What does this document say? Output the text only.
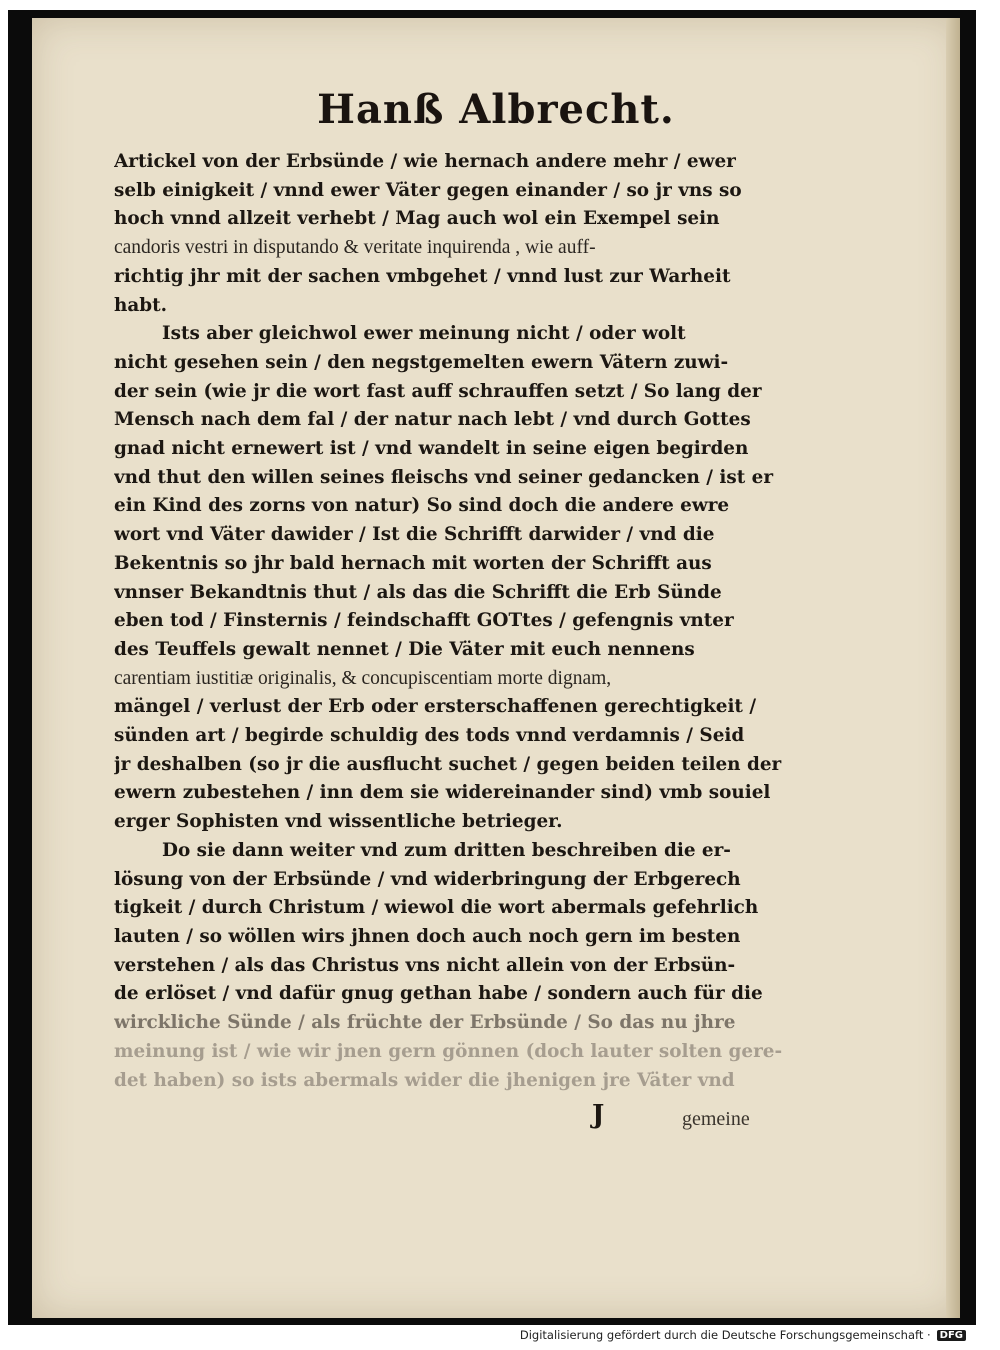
Hanß Albrecht.
Artickel von der Erbsünde / wie hernach andere mehr / ewer
selb einigkeit / vnnd ewer Väter gegen einander / so jr vns so
hoch vnnd allzeit verhebt / Mag auch wol ein Exempel sein
candoris vestri in disputando & veritate inquirenda , wie auff-
richtig jhr mit der sachen vmbgehet / vnnd lust zur Warheit
habt.
Ists aber gleichwol ewer meinung nicht / oder wolt
nicht gesehen sein / den negstgemelten ewern Vätern zuwi-
der sein (wie jr die wort fast auff schrauffen setzt / So lang der
Mensch nach dem fal / der natur nach lebt / vnd durch Gottes
gnad nicht ernewert ist / vnd wandelt in seine eigen begirden
vnd thut den willen seines fleischs vnd seiner gedancken / ist er
ein Kind des zorns von natur) So sind doch die andere ewre
wort vnd Väter dawider / Ist die Schrifft darwider / vnd die
Bekentnis so jhr bald hernach mit worten der Schrifft aus
vnnser Bekandtnis thut / als das die Schrifft die Erb Sünde
eben tod / Finsternis / feindschafft GOTtes / gefengnis vnter
des Teuffels gewalt nennet / Die Väter mit euch nennens
carentiam iustitiæ originalis, & concupiscentiam morte dignam,
mängel / verlust der Erb oder ersterschaffenen gerechtigkeit /
sünden art / begirde schuldig des tods vnnd verdamnis / Seid
jr deshalben (so jr die ausflucht suchet / gegen beiden teilen der
ewern zubestehen / inn dem sie widereinander sind) vmb souiel
erger Sophisten vnd wissentliche betrieger.
Do sie dann weiter vnd zum dritten beschreiben die er-
lösung von der Erbsünde / vnd widerbringung der Erbgerech
tigkeit / durch Christum / wiewol die wort abermals gefehrlich
lauten / so wöllen wirs jhnen doch auch noch gern im besten
verstehen / als das Christus vns nicht allein von der Erbsün-
de erlöset / vnd dafür gnug gethan habe / sondern auch für die
wirckliche Sünde / als früchte der Erbsünde / So das nu jhre
meinung ist / wie wir jnen gern gönnen (doch lauter solten gere-
det haben) so ists abermals wider die jhenigen jre Väter vnd
J	gemeine
Digitalisierung gefördert durch die Deutsche Forschungsgemeinschaft · DFG
